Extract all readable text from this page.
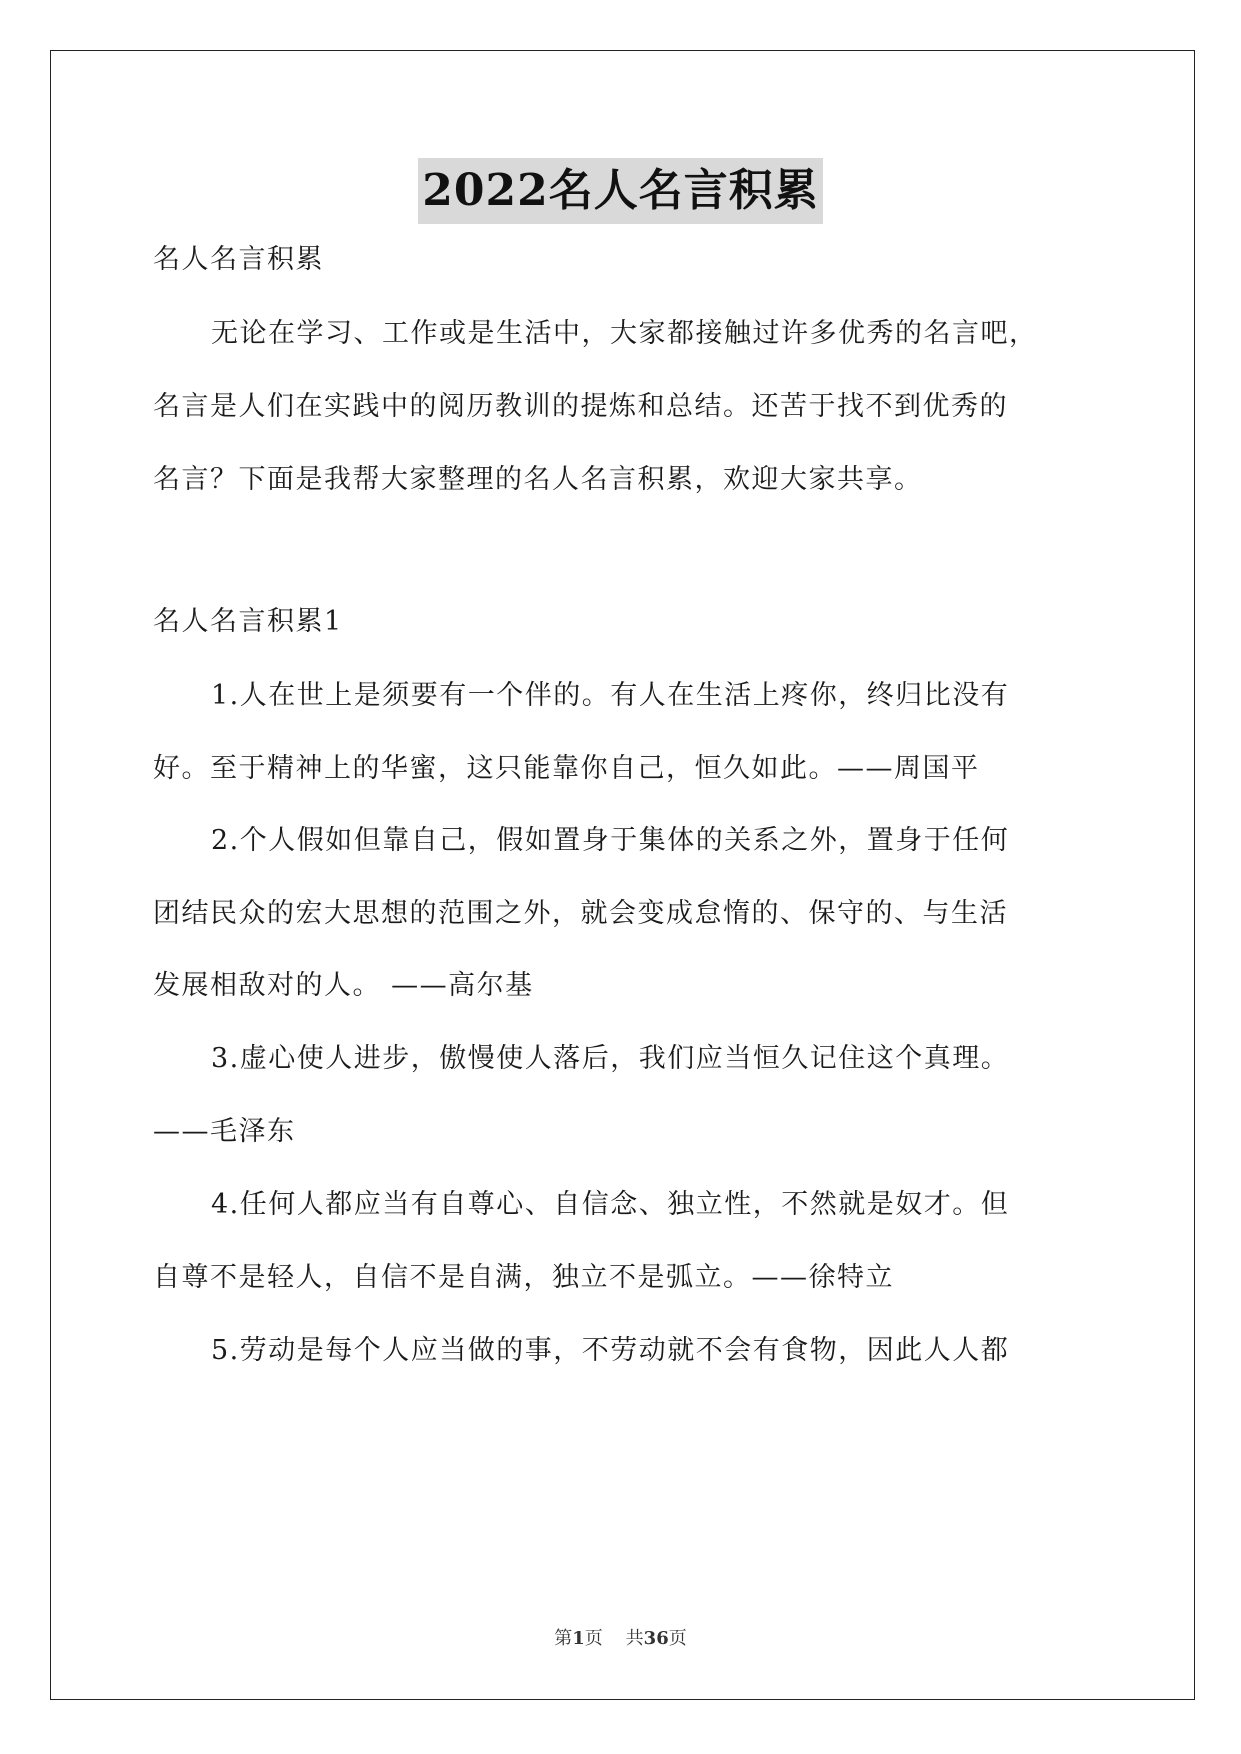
2022名人名言积累
名人名言积累
无论在学习、工作或是生活中，大家都接触过许多优秀的名言吧，
名言是人们在实践中的阅历教训的提炼和总结。还苦于找不到优秀的
名言？下面是我帮大家整理的名人名言积累，欢迎大家共享。
名人名言积累1
1.人在世上是须要有一个伴的。有人在生活上疼你，终归比没有
好。至于精神上的华蜜，这只能靠你自己，恒久如此。——周国平
2.个人假如但靠自己，假如置身于集体的关系之外，置身于任何
团结民众的宏大思想的范围之外，就会变成怠惰的、保守的、与生活
发展相敌对的人。 ——高尔基
3.虚心使人进步，傲慢使人落后，我们应当恒久记住这个真理。
——毛泽东
4.任何人都应当有自尊心、自信念、独立性，不然就是奴才。但
自尊不是轻人，自信不是自满，独立不是弧立。——徐特立
5.劳动是每个人应当做的事，不劳动就不会有食物，因此人人都
第1页 共36页
